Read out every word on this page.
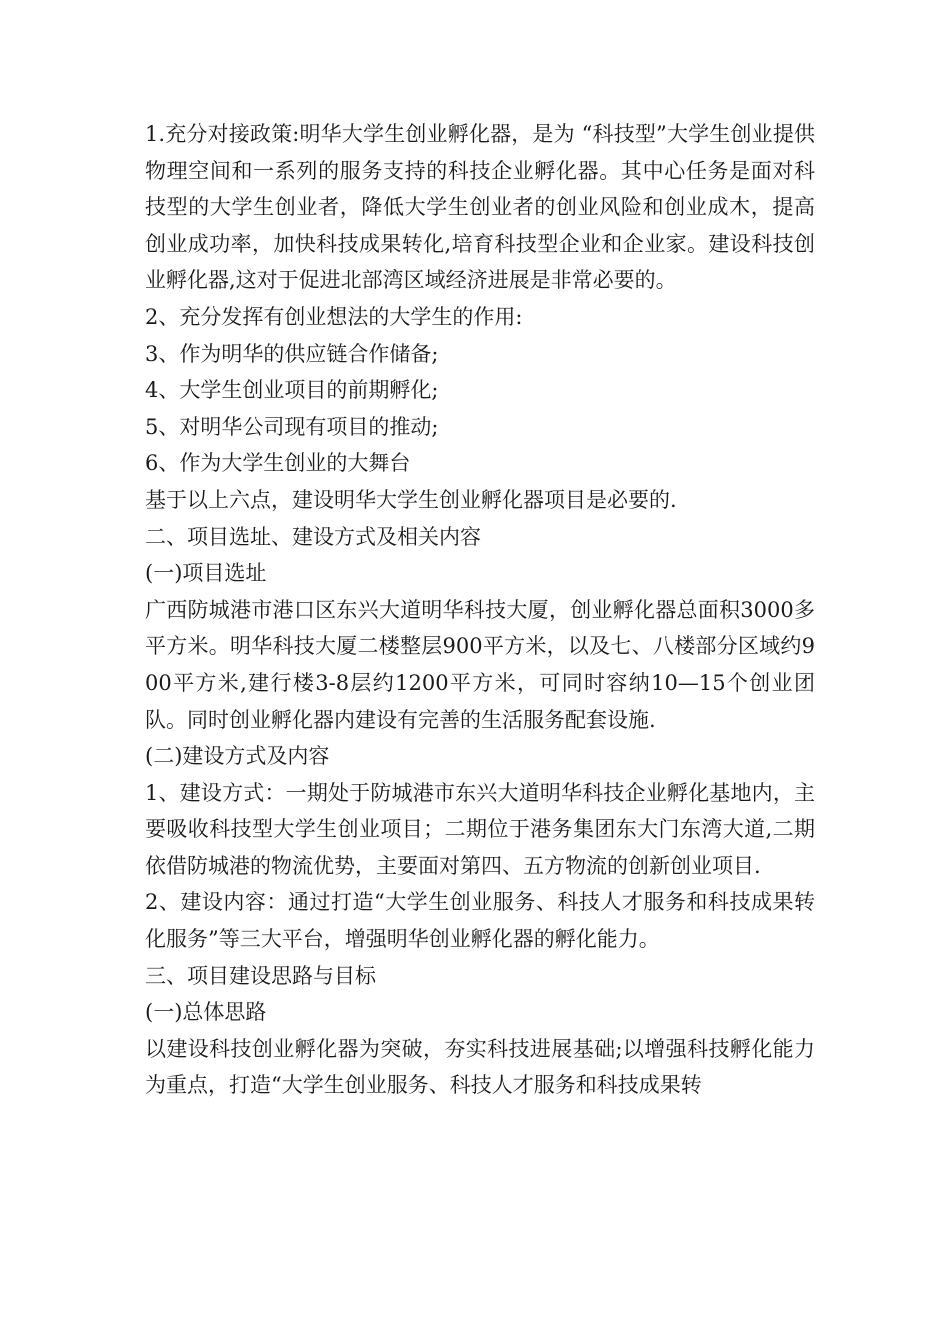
1.充分对接政策:明华大学生创业孵化器，是为 “科技型”大学生创业提供物理空间和一系列的服务支持的科技企业孵化器。其中心任务是面对科技型的大学生创业者，降低大学生创业者的创业风险和创业成木，提高创业成功率，加快科技成果转化,培育科技型企业和企业家。建设科技创业孵化器,这对于促进北部湾区域经济进展是非常必要的。

2、充分发挥有创业想法的大学生的作用:

3、作为明华的供应链合作储备;

4、大学生创业项目的前期孵化;

5、对明华公司现有项目的推动;

6、作为大学生创业的大舞台

基于以上六点，建设明华大学生创业孵化器项目是必要的.

二、项目选址、建设方式及相关内容

(一)项目选址

广西防城港市港口区东兴大道明华科技大厦，创业孵化器总面积3000多平方米。明华科技大厦二楼整层900平方米，以及七、八楼部分区域约900平方米,建行楼3-8层约1200平方米，可同时容纳10—15个创业团队。同时创业孵化器内建设有完善的生活服务配套设施.

(二)建设方式及内容

1、建设方式：一期处于防城港市东兴大道明华科技企业孵化基地内，主要吸收科技型大学生创业项目；二期位于港务集团东大门东湾大道,二期依借防城港的物流优势，主要面对第四、五方物流的创新创业项目.

2、建设内容：通过打造“大学生创业服务、科技人才服务和科技成果转化服务”等三大平台，增强明华创业孵化器的孵化能力。

三、项目建设思路与目标

(一)总体思路

以建设科技创业孵化器为突破，夯实科技进展基础;以增强科技孵化能力为重点，打造“大学生创业服务、科技人才服务和科技成果转
